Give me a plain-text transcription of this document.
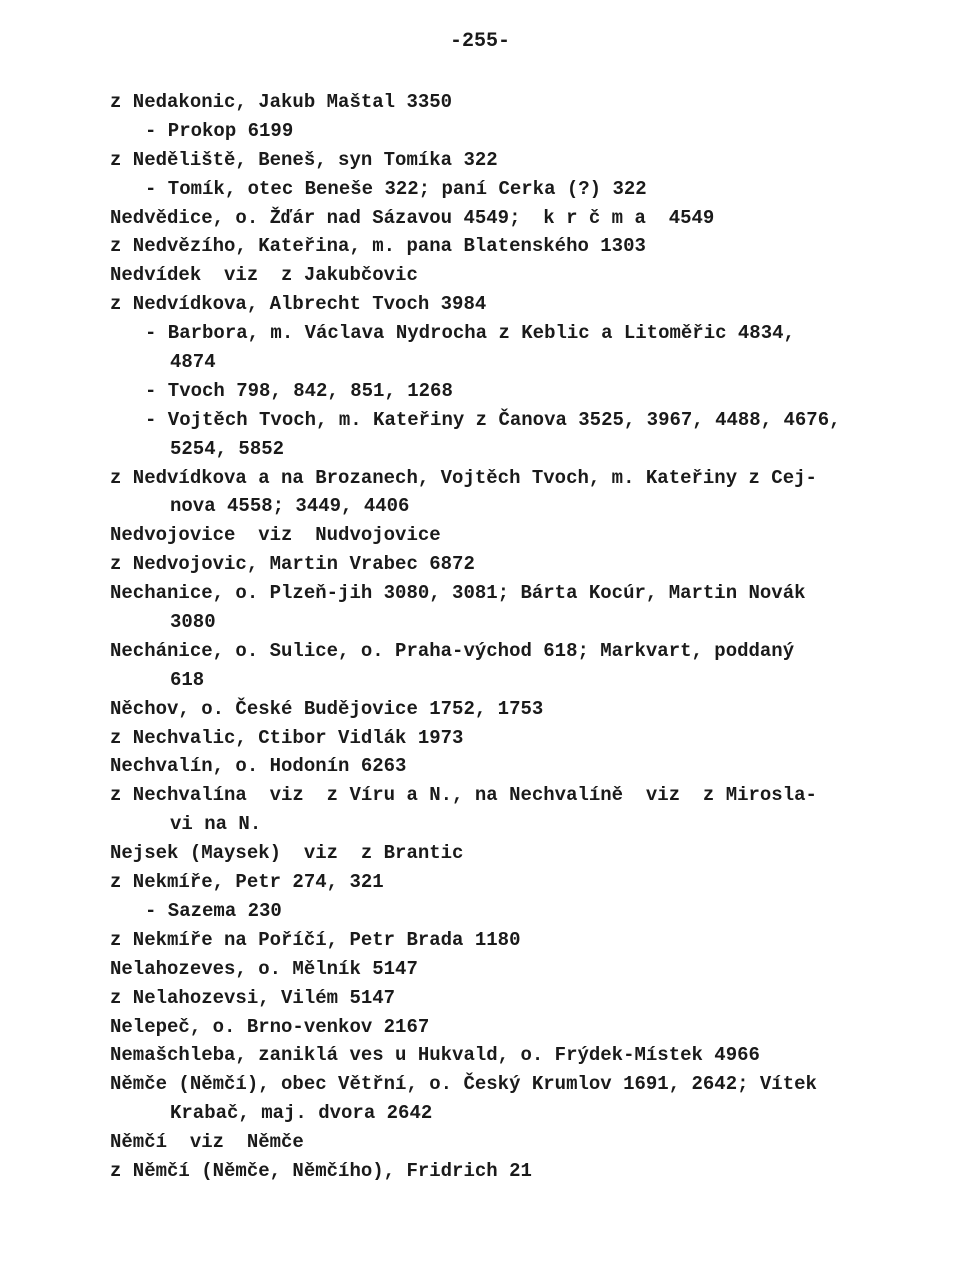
-255-
z Nedakonic, Jakub Maštal 3350
- Prokop 6199
z Neděliště, Beneš, syn Tomíka 322
- Tomík, otec Beneše 322; paní Cerka (?) 322
Nedvědice, o. Žďár nad Sázavou 4549;  k r č m a  4549
z Nedvězího, Kateřina, m. pana Blatenského 1303
Nedvídek  viz  z Jakubčovic
z Nedvídkova, Albrecht Tvoch 3984
- Barbora, m. Václava Nydrocha z Keblic a Litoměřic 4834,
4874
- Tvoch 798, 842, 851, 1268
- Vojtěch Tvoch, m. Kateřiny z Čanova 3525, 3967, 4488, 4676,
5254, 5852
z Nedvídkova a na Brozanech, Vojtěch Tvoch, m. Kateřiny z Cej-
nova 4558; 3449, 4406
Nedvojovice  viz  Nudvojovice
z Nedvojovic, Martin Vrabec 6872
Nechanice, o. Plzeň-jih 3080, 3081; Bárta Kocúr, Martin Novák
3080
Nechánice, o. Sulice, o. Praha-východ 618; Markvart, poddaný
618
Něchov, o. České Budějovice 1752, 1753
z Nechvalic, Ctibor Vidlák 1973
Nechvalín, o. Hodonín 6263
z Nechvalína  viz  z Víru a N., na Nechvalíně  viz  z Mirosla-
vi na N.
Nejsek (Maysek)  viz  z Brantic
z Nekmíře, Petr 274, 321
- Sazema 230
z Nekmíře na Poříčí, Petr Brada 1180
Nelahozeves, o. Mělník 5147
z Nelahozevsi, Vilém 5147
Nelepeč, o. Brno-venkov 2167
Nemašchleba, zaniklá ves u Hukvald, o. Frýdek-Místek 4966
Němče (Němčí), obec Větřní, o. Český Krumlov 1691, 2642; Vítek
Krabač, maj. dvora 2642
Němčí  viz  Němče
z Němčí (Němče, Němčího), Fridrich 21
